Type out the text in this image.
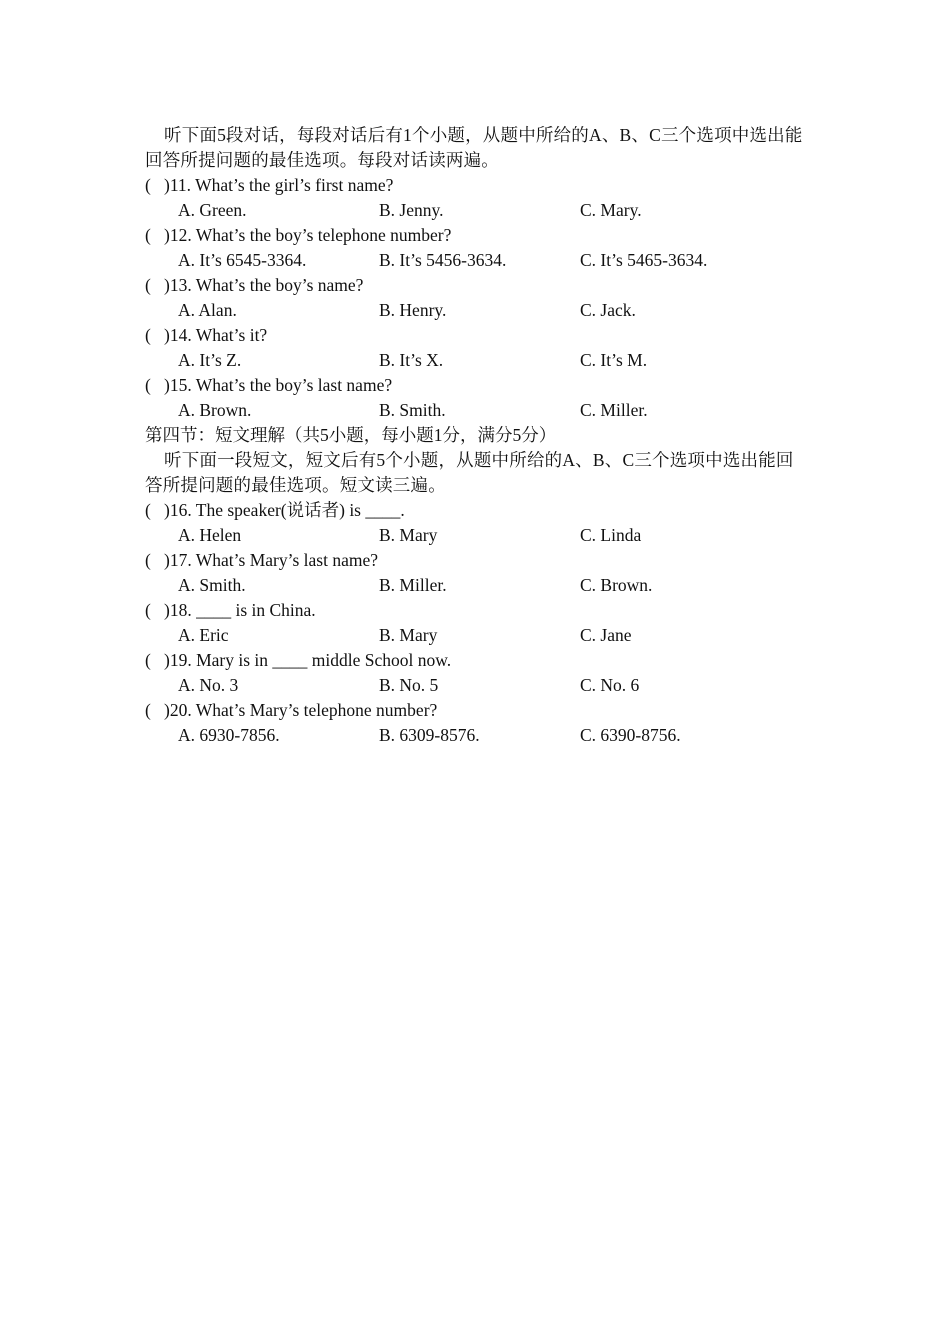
听下面5段对话，每段对话后有1个小题，从题中所给的A、B、C三个选项中选出能回答所提问题的最佳选项。每段对话读两遍。
( )11. What’s the girl’s first name?
A. Green.	B. Jenny.	C. Mary.
( )12. What’s the boy’s telephone number?
A. It’s 6545-3364.	B. It’s 5456-3634.	C. It’s 5465-3634.
( )13. What’s the boy’s name?
A. Alan.	B. Henry.	C. Jack.
( )14. What’s it?
A. It’s Z.	B. It’s X.	C. It’s M.
( )15. What’s the boy’s last name?
A. Brown.	B. Smith.	C. Miller.
第四节：短文理解（共5小题，每小题1分，满分5分）
听下面一段短文，短文后有5个小题，从题中所给的A、B、C三个选项中选出能回答所提问题的最佳选项。短文读三遍。
( )16. The speaker(说话者) is ____.
A. Helen	B. Mary	C. Linda
( )17. What’s Mary’s last name?
A. Smith.	B. Miller.	C. Brown.
( )18. ____ is in China.
A. Eric	B. Mary	C. Jane
( )19. Mary is in ____ middle School now.
A. No. 3	B. No. 5	C. No. 6
( )20. What’s Mary’s telephone number?
A. 6930-7856.	B. 6309-8576.	C. 6390-8756.
